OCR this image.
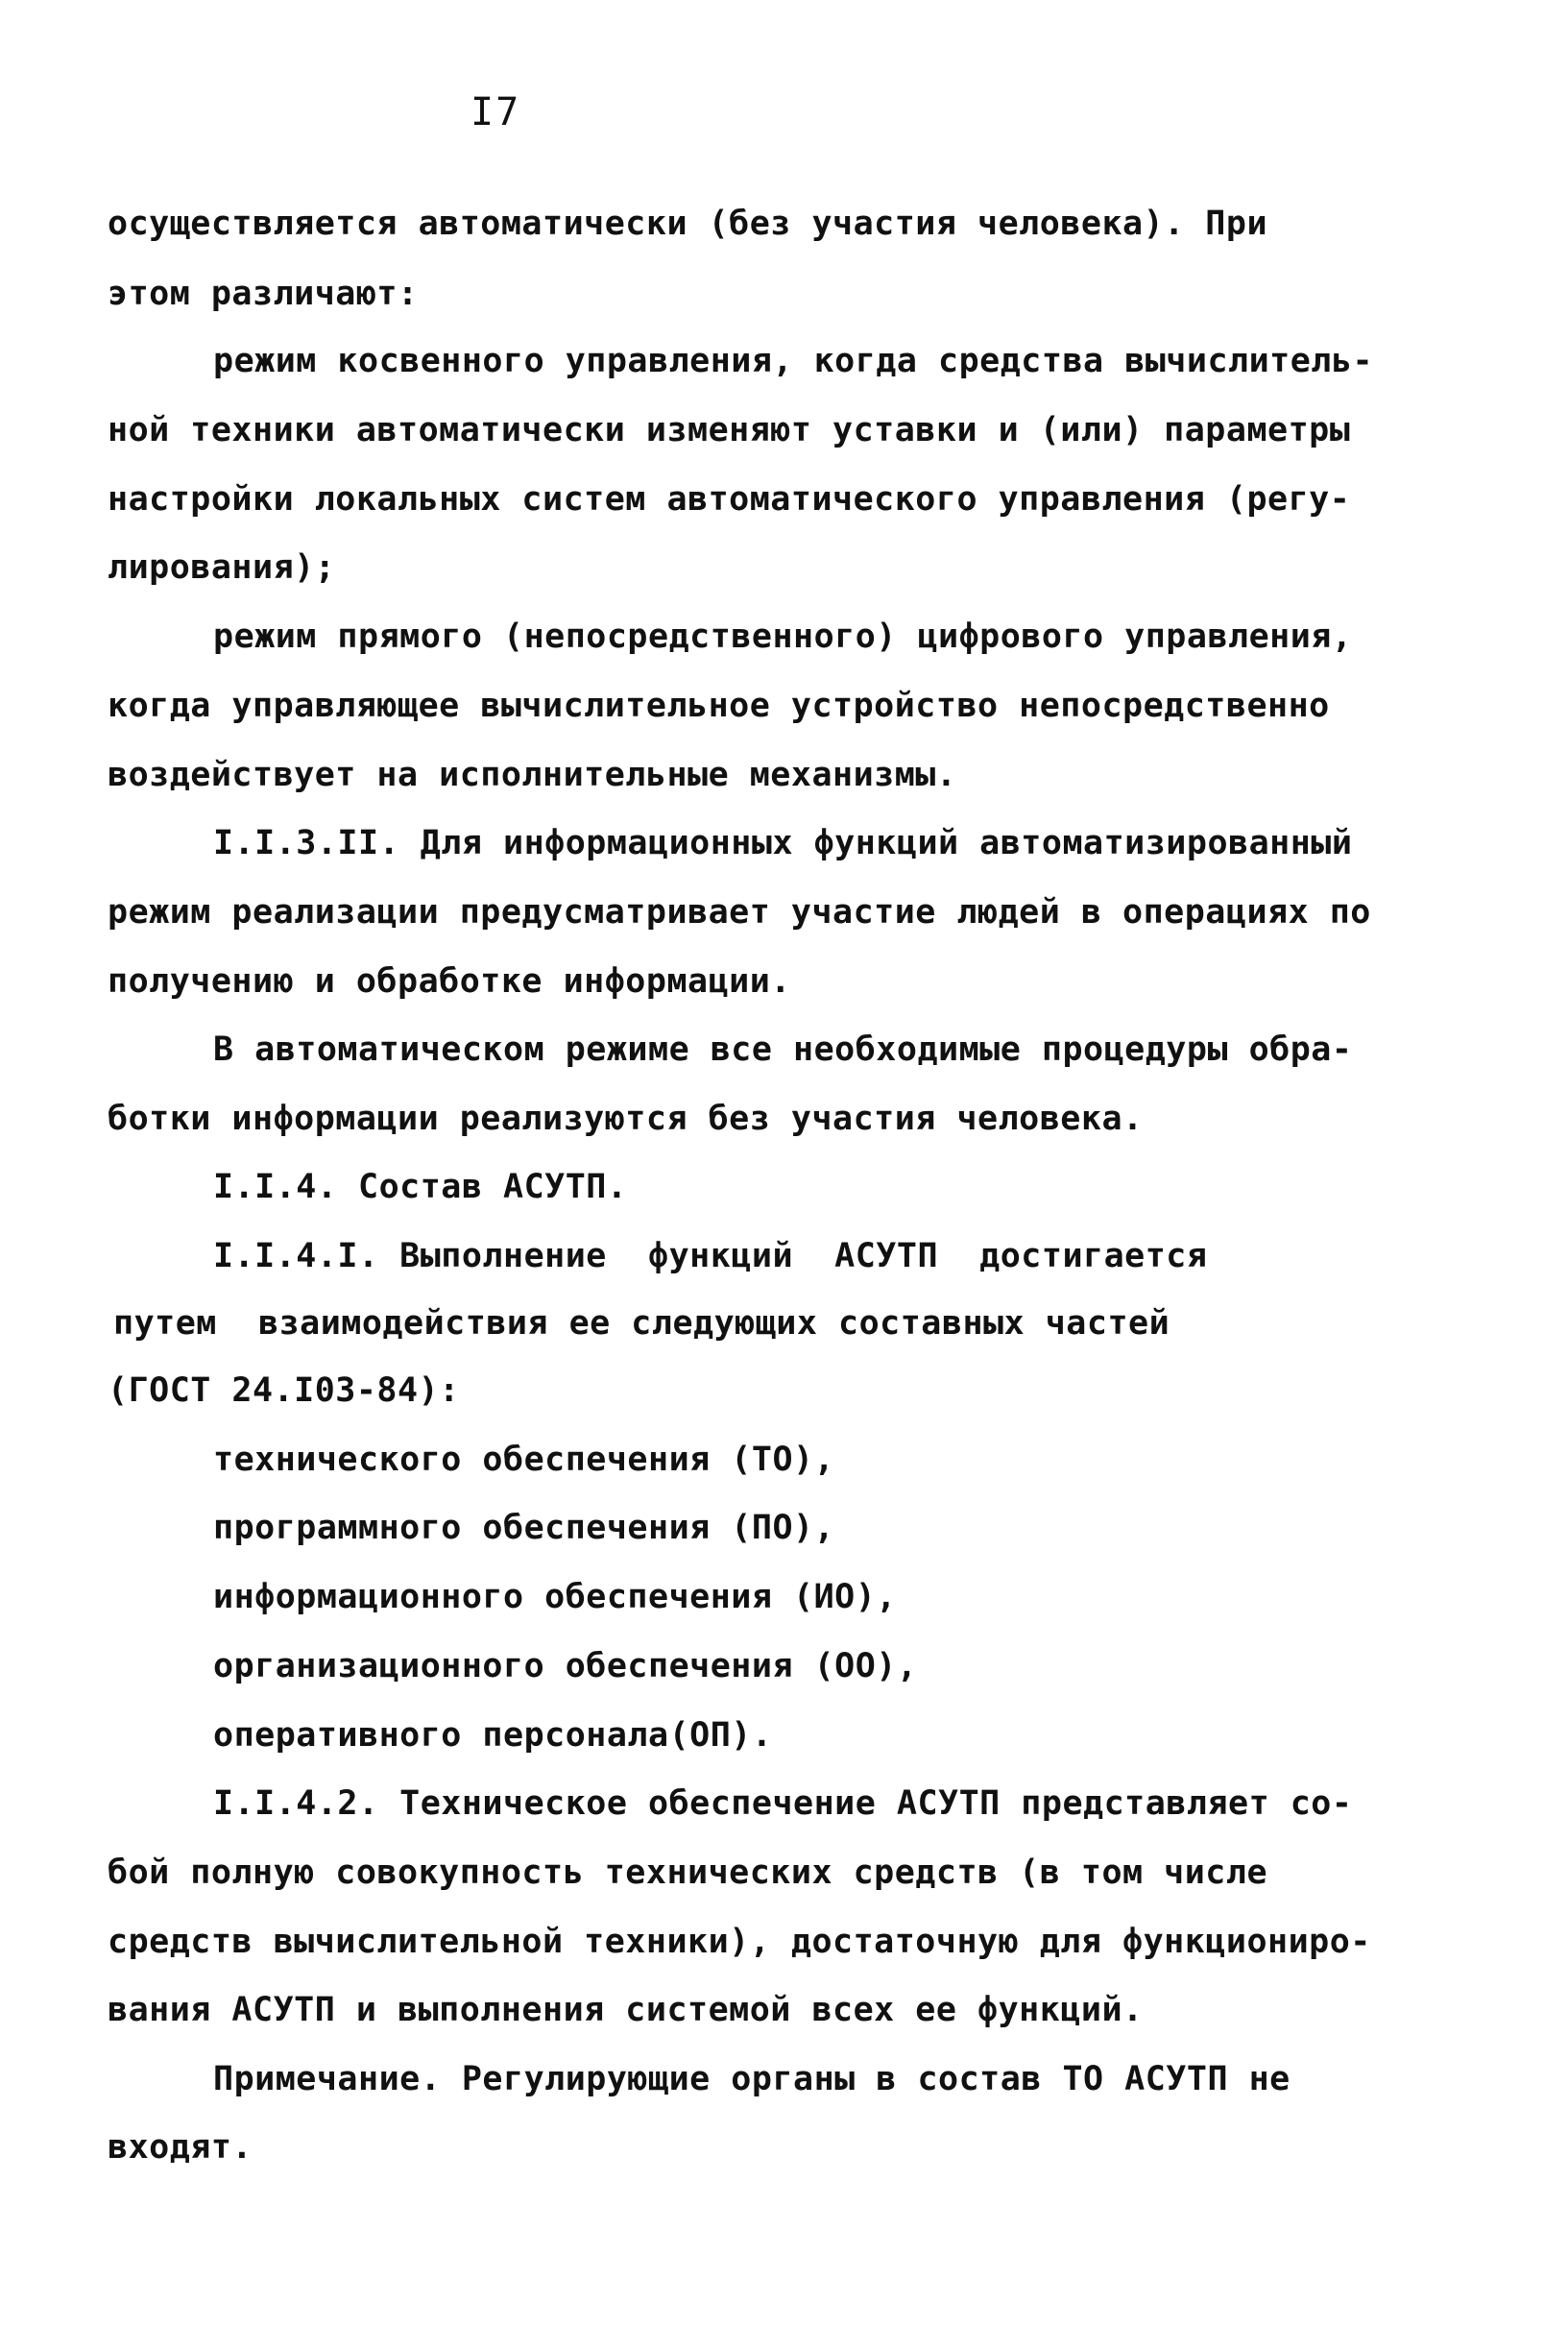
I7
осуществляется автоматически (без участия человека). При
этом различают:
режим косвенного управления, когда средства вычислитель-
ной техники автоматически изменяют уставки и (или) параметры
настройки локальных систем автоматического управления (регу-
лирования);
режим прямого (непосредственного) цифрового управления,
когда управляющее вычислительное устройство непосредственно
воздействует на исполнительные механизмы.
I.I.3.II. Для информационных функций автоматизированный
режим реализации предусматривает участие людей в операциях по
получению и обработке информации.
В автоматическом режиме все необходимые процедуры обра-
ботки информации реализуются без участия человека.
I.I.4. Состав АСУТП.
I.I.4.I. Выполнение  функций  АСУТП  достигается
путем  взаимодействия ее следующих составных частей
(ГОСТ 24.I03-84):
технического обеспечения (ТО),
программного обеспечения (ПО),
информационного обеспечения (ИО),
организационного обеспечения (ОО),
оперативного персонала(ОП).
I.I.4.2. Техническое обеспечение АСУТП представляет со-
бой полную совокупность технических средств (в том числе
средств вычислительной техники), достаточную для функциониро-
вания АСУТП и выполнения системой всех ее функций.
Примечание. Регулирующие органы в состав ТО АСУТП не
входят.
